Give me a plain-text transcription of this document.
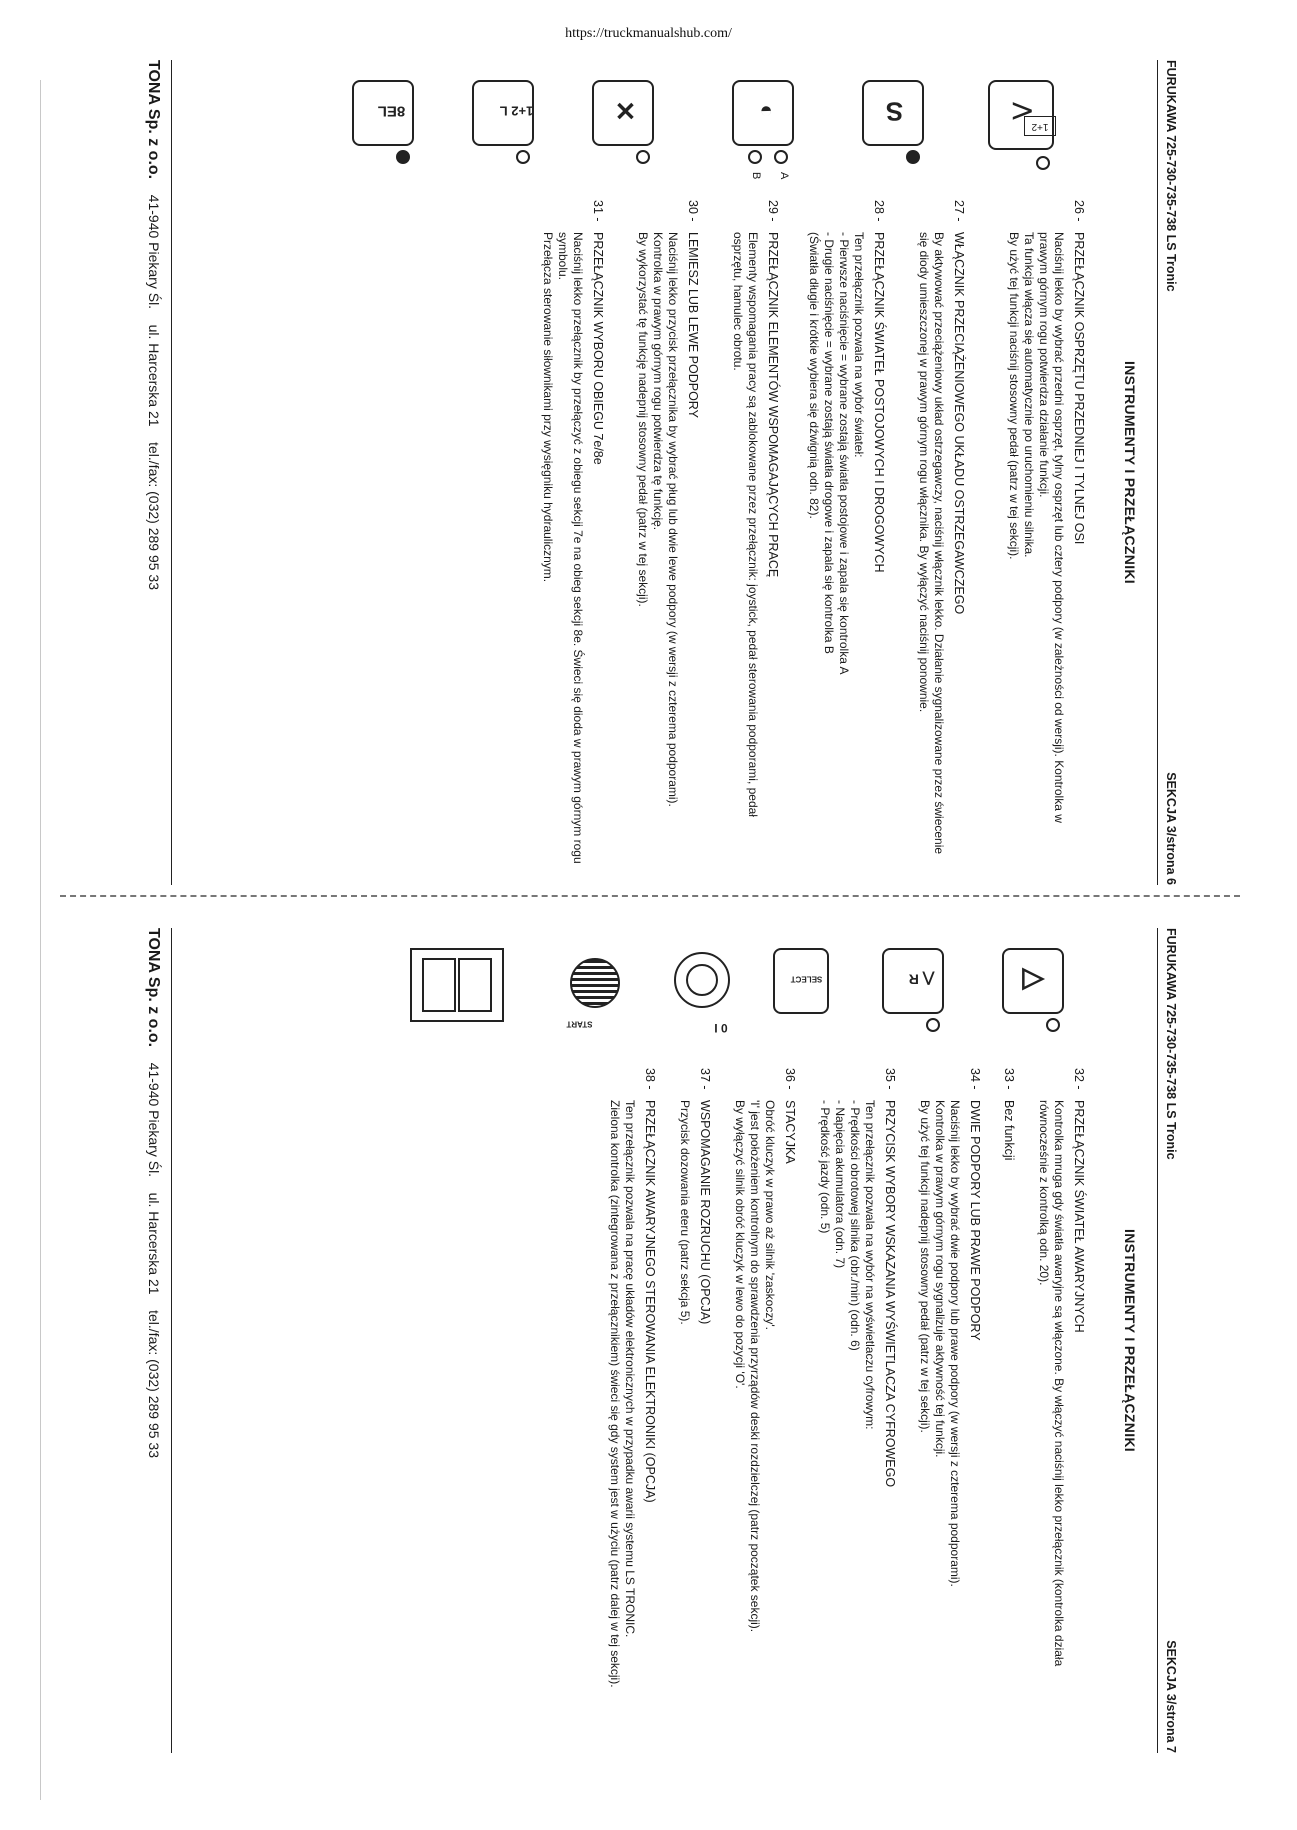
https://truckmanualshub.com/
FURUKAWA 725-730-735-738 LS Tronic
SEKCJA 3/strona 6
INSTRUMENTY I PRZEŁĄCZNIKI
⋀
1+2
S
◐
A
B
✕
1+2 L
8EL
26 -PRZEŁĄCZNIK OSPRZĘTU PRZEDNIEJ I TYLNEJ OSI
Naciśnij lekko by wybrać przedni osprzęt, tylny osprzęt lub cztery podpory (w zależności od wersji). Kontrolka w prawym górnym rogu potwierdza działanie funkcji.
Ta funkcja włącza się automatycznie po uruchomieniu silnika.
By użyć tej funkcji naciśnij stosowny pedał (patrz w tej sekcji).
27 -WŁĄCZNIK PRZECIĄŻENIOWEGO UKŁADU OSTRZEGAWCZEGO
By aktywować przeciążeniowy układ ostrzegawczy, naciśnij włącznik lekko. Działanie sygnalizowane przez świecenie się diody umieszczonej w prawym górnym rogu włącznika. By wyłączyć naciśnij ponownie.
28 -PRZEŁĄCZNIK ŚWIATEŁ POSTOJOWYCH I DROGOWYCH
Ten przełącznik pozwala na wybór świateł:
- Pierwsze naciśnięcie = wybrane zostają światła postojowe i zapala się kontrolka A
- Drugie naciśnięcie = wybrane zostają światła drogowe i zapala się kontrolka B
(Światła długie i krótkie wybiera się dźwignią odn. 82).
29 -PRZEŁĄCZNIK ELEMENTÓW WSPOMAGAJĄCYCH PRACĘ
Elementy wspomagania pracy są zablokowane przez przełącznik: joystick, pedał sterowania podporami, pedał osprzętu, hamulec obrotu.
30 -LEMIESZ LUB LEWE PODPORY
Naciśnij lekko przycisk przełącznika by wybrać pług lub dwie lewe podpory (w wersji z czterema podporami).
Kontrolka w prawym górnym rogu potwierdza tę funkcję.
By wykorzystać tę funkcję nadepnij stosowny pedał (patrz w tej sekcji).
31 -PRZEŁĄCZNIK WYBORU OBIEGU 7e/8e
Naciśnij lekko przełącznik by przełączyć z obiegu sekcji 7e na obieg sekcji 8e. Świeci się dioda w prawym górnym rogu symbolu.
Przełącza sterowanie siłownikami przy wysięgniku hydraulicznym.
TONA Sp. z o.o.    41-940 Piekary Śl.    ul. Harcerska 21    tel./fax: (032) 289 95 33
FURUKAWA 725-730-735-738 LS Tronic
SEKCJA 3/strona 7
INSTRUMENTY I PRZEŁĄCZNIKI
△
⋀ R
SELECT
0 I
START
32 -PRZEŁĄCZNIK ŚWIATEŁ AWARYJNYCH
Kontrolka mruga gdy światła awaryjne są włączone. By włączyć naciśnij lekko przełącznik (kontrolka działa równocześnie z kontrolką odn. 20).
33 -Bez funkcji
34 -DWIE PODPORY LUB PRAWE PODPORY
Naciśnij lekko by wybrać dwie podpory lub prawe podpory (w wersji z czterema podporami).
Kontrolka w prawym górnym rogu sygnalizuje aktywność tej funkcji.
By użyć tej funkcji nadepnij stosowny pedał (patrz w tej sekcji).
35 -PRZYCISK WYBORY WSKAZANIA WYŚWIETLACZA CYFROWEGO
Ten przełącznik pozwala na wybór na wyświetlaczu cyfrowym:
- Prędkości obrotowej silnika (obr./min) (odn. 6)
- Napięcia akumulatora (odn. 7)
- Prędkość jazdy (odn. 5)
36 -STACYJKA
Obróć kluczyk w prawo aż silnik 'zaskoczy'.
'I' jest położeniem kontrolnym do sprawdzenia przyrządów deski rozdzielczej (patrz początek sekcji).
By wyłączyć silnik obróć kluczyk w lewo do pozycji 'O'.
37 -WSPOMAGANIE ROZRUCHU (OPCJA)
Przycisk dozowania eteru (patrz sekcja 5).
38 -PRZEŁĄCZNIK AWARYJNEGO STEROWANIA ELEKTRONIKI (OPCJA)
Ten przełącznik pozwala na pracę układów elektronicznych w przypadku awarii systemu LS TRONIC.
Zielona kontrolka (zintegrowana z przełącznikiem) świeci się gdy system jest w użyciu (patrz dalej w tej sekcji).
TONA Sp. z o.o.    41-940 Piekary Śl.    ul. Harcerska 21    tel./fax: (032) 289 95 33
